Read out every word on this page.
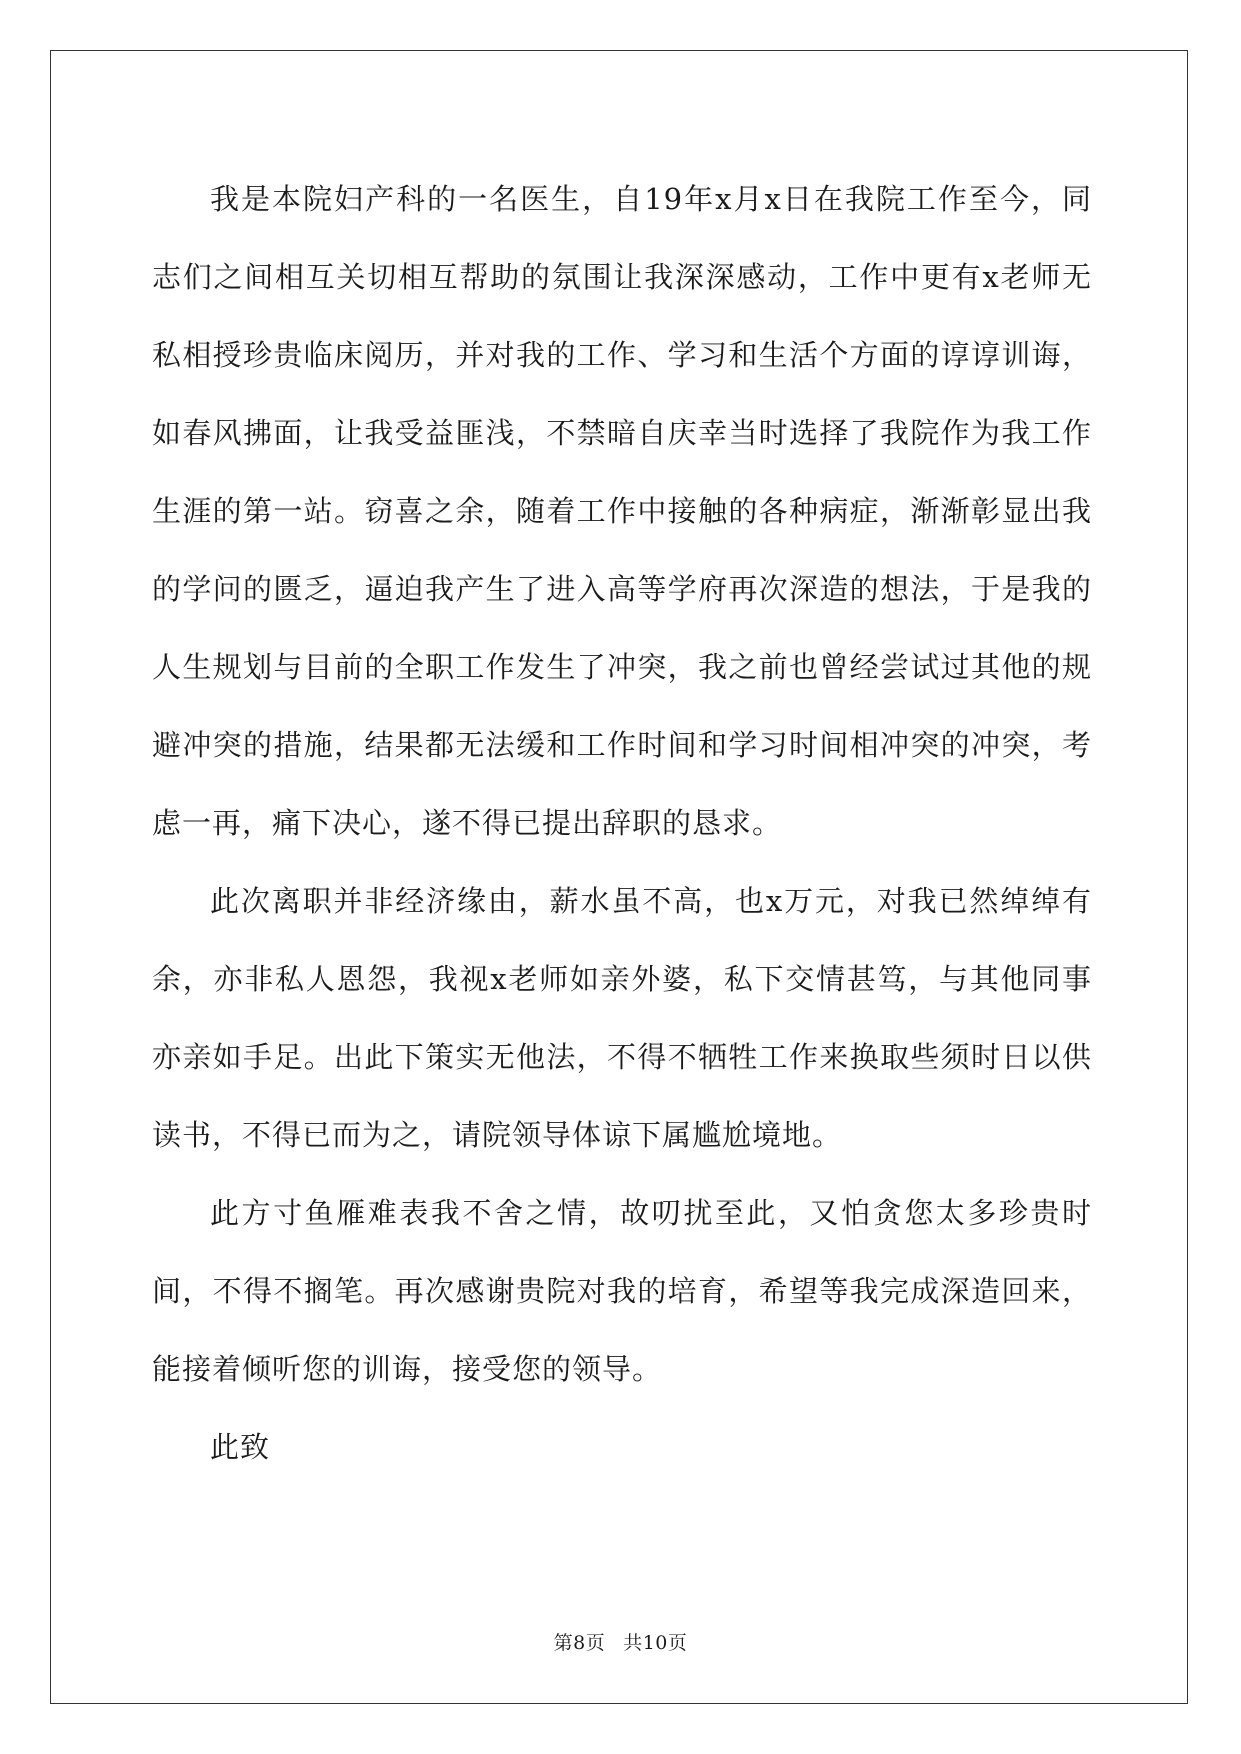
我是本院妇产科的一名医生，自19年x月x日在我院工作至今，同志们之间相互关切相互帮助的氛围让我深深感动，工作中更有x老师无私相授珍贵临床阅历，并对我的工作、学习和生活个方面的谆谆训诲，如春风拂面，让我受益匪浅，不禁暗自庆幸当时选择了我院作为我工作生涯的第一站。窃喜之余，随着工作中接触的各种病症，渐渐彰显出我的学问的匮乏，逼迫我产生了进入高等学府再次深造的想法，于是我的人生规划与目前的全职工作发生了冲突，我之前也曾经尝试过其他的规避冲突的措施，结果都无法缓和工作时间和学习时间相冲突的冲突，考虑一再，痛下决心，遂不得已提出辞职的恳求。

此次离职并非经济缘由，薪水虽不高，也x万元，对我已然绰绰有余，亦非私人恩怨，我视x老师如亲外婆，私下交情甚笃，与其他同事亦亲如手足。出此下策实无他法，不得不牺牲工作来换取些须时日以供读书，不得已而为之，请院领导体谅下属尴尬境地。

此方寸鱼雁难表我不舍之情，故叨扰至此，又怕贪您太多珍贵时间，不得不搁笔。再次感谢贵院对我的培育，希望等我完成深造回来，能接着倾听您的训诲，接受您的领导。

此致

第8页 共10页
